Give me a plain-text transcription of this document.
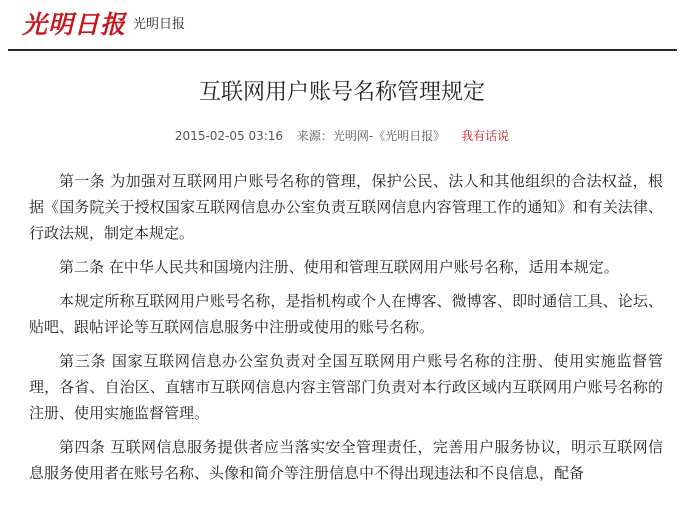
光明日报 光明日报
互联网用户账号名称管理规定
2015-02-05 03:16 来源：光明网-《光明日报》 我有话说

第一条 为加强对互联网用户账号名称的管理，保护公民、法人和其他组织的合法权益，根据《国务院关于授权国家互联网信息办公室负责互联网信息内容管理工作的通知》和有关法律、行政法规，制定本规定。

第二条 在中华人民共和国境内注册、使用和管理互联网用户账号名称，适用本规定。

本规定所称互联网用户账号名称，是指机构或个人在博客、微博客、即时通信工具、论坛、贴吧、跟帖评论等互联网信息服务中注册或使用的账号名称。

第三条 国家互联网信息办公室负责对全国互联网用户账号名称的注册、使用实施监督管理，各省、自治区、直辖市互联网信息内容主管部门负责对本行政区域内互联网用户账号名称的注册、使用实施监督管理。

第四条 互联网信息服务提供者应当落实安全管理责任，完善用户服务协议，明示互联网信息服务使用者在账号名称、头像和简介等注册信息中不得出现违法和不良信息，配备
